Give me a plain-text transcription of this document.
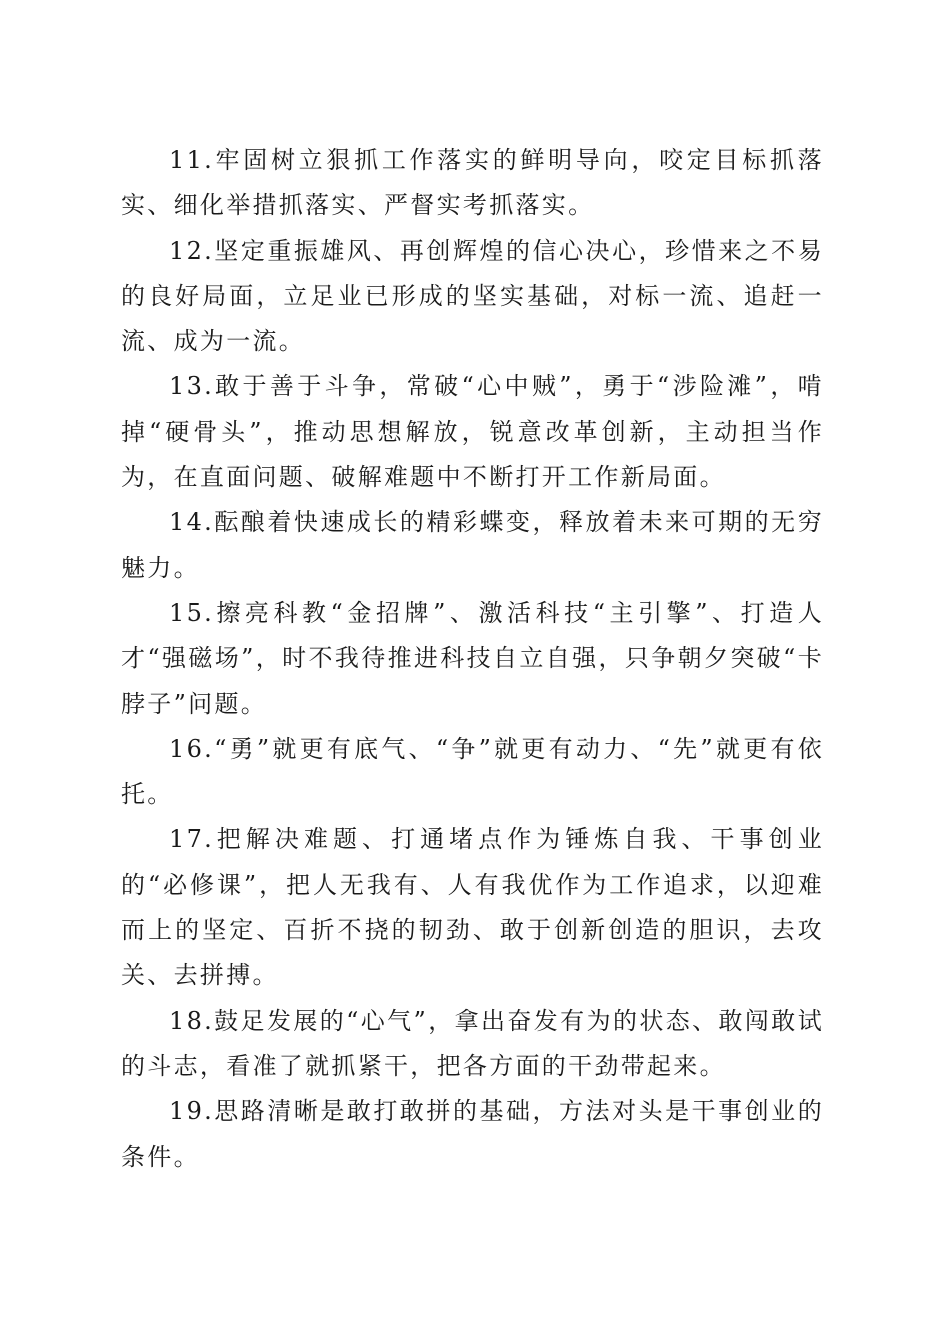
11.牢固树立狠抓工作落实的鲜明导向，咬定目标抓落实、细化举措抓落实、严督实考抓落实。

12.坚定重振雄风、再创辉煌的信心决心，珍惜来之不易的良好局面，立足业已形成的坚实基础，对标一流、追赶一流、成为一流。

13.敢于善于斗争，常破“心中贼”，勇于“涉险滩”，啃掉“硬骨头”，推动思想解放，锐意改革创新，主动担当作为，在直面问题、破解难题中不断打开工作新局面。

14.酝酿着快速成长的精彩蝶变，释放着未来可期的无穷魅力。

15.擦亮科教“金招牌”、激活科技“主引擎”、打造人才“强磁场”，时不我待推进科技自立自强，只争朝夕突破“卡脖子”问题。

16.“勇”就更有底气、“争”就更有动力、“先”就更有依托。

17.把解决难题、打通堵点作为锤炼自我、干事创业的“必修课”，把人无我有、人有我优作为工作追求，以迎难而上的坚定、百折不挠的韧劲、敢于创新创造的胆识，去攻关、去拼搏。

18.鼓足发展的“心气”，拿出奋发有为的状态、敢闯敢试的斗志，看准了就抓紧干，把各方面的干劲带起来。

19.思路清晰是敢打敢拼的基础，方法对头是干事创业的条件。
